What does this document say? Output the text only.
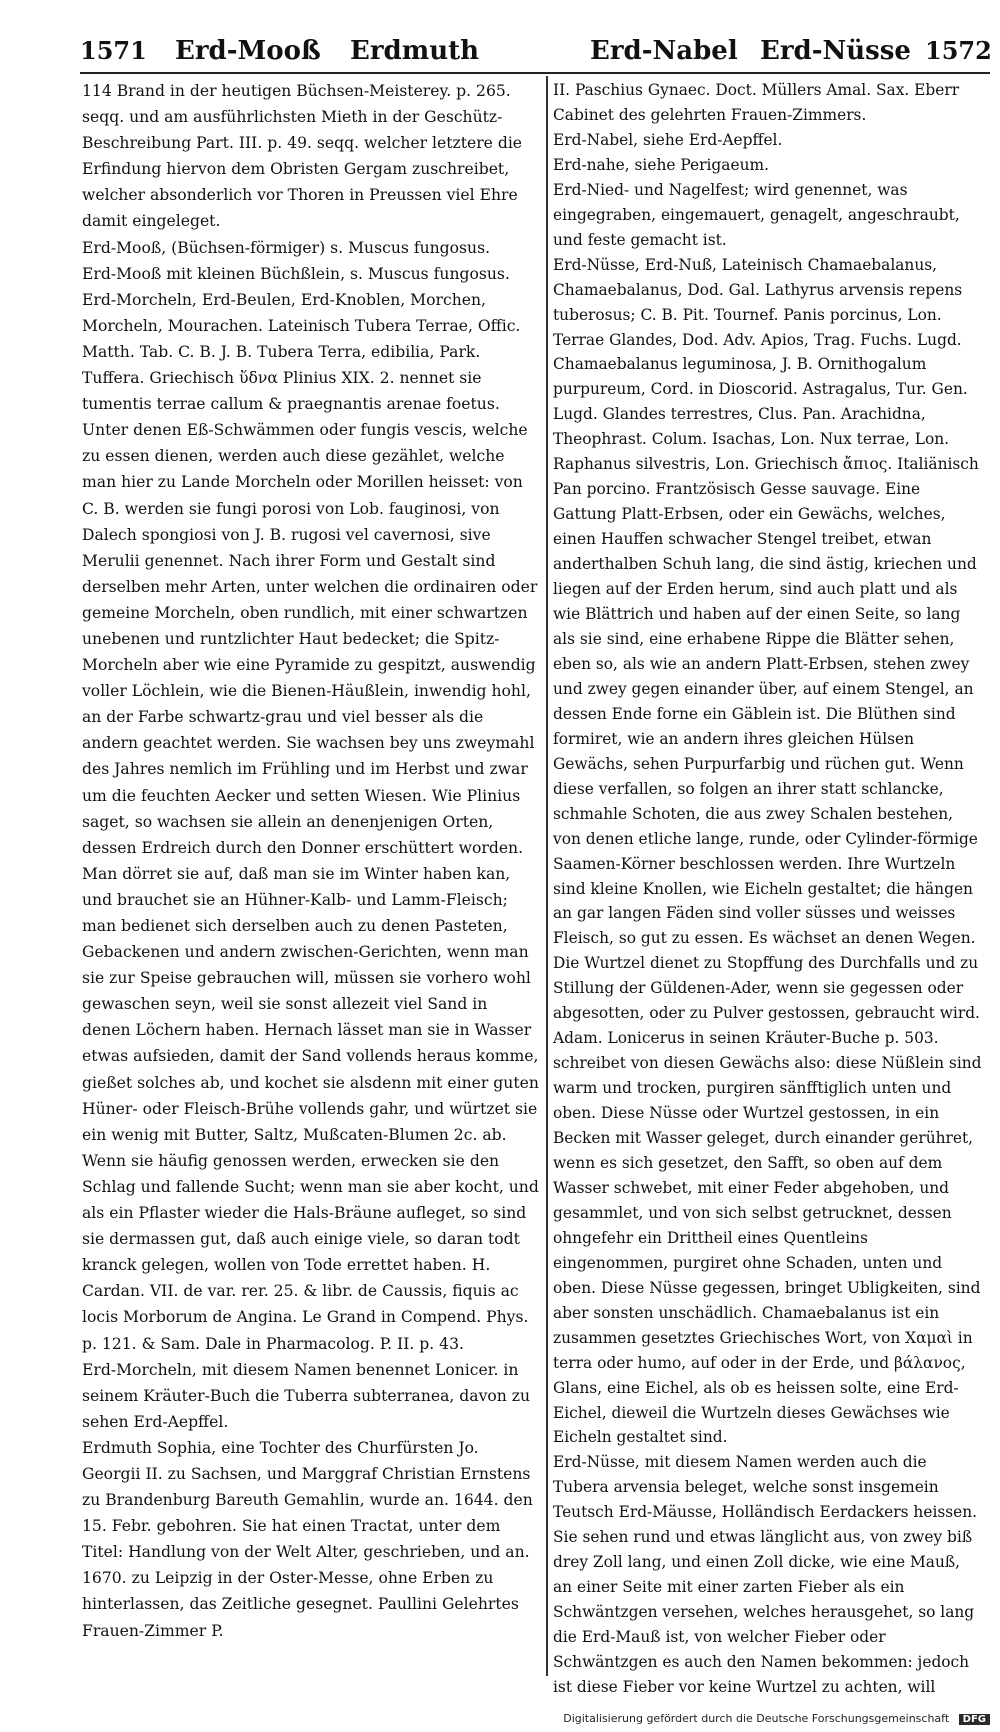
1571 Erd-Mooß Erdmuth	Erd-Nabel Erd-Nüsse 1572

114 Brand in der heutigen Büchsen-Meisterey. p. 265. seqq. und am ausführlichsten Mieth in der Geschütz-Beschreibung Part. III. p. 49. seqq. welcher letztere die Erfindung hiervon dem Obristen Gergam zuschreibet, welcher absonderlich vor Thoren in Preussen viel Ehre damit eingeleget.

Erd-Mooß, (Büchsen-förmiger) s. Muscus fungosus.

Erd-Mooß mit kleinen Büchßlein, s. Muscus fungosus.

Erd-Morcheln, Erd-Beulen, Erd-Knoblen, Morchen, Morcheln, Mourachen. Lateinisch Tubera Terrae, Offic. Matth. Tab. C. B. J. B. Tubera Terra, edibilia, Park. Tuffera. Griechisch ὕδνα Plinius XIX. 2. nennet sie tumentis terrae callum & praegnantis arenae foetus. Unter denen Eß-Schwämmen oder fungis vescis, welche zu essen dienen, werden auch diese gezählet, welche man hier zu Lande Morcheln oder Morillen heisset: von C. B. werden sie fungi porosi von Lob. fauginosi, von Dalech spongiosi von J. B. rugosi vel cavernosi, sive Merulii genennet. Nach ihrer Form und Gestalt sind derselben mehr Arten, unter welchen die ordinairen oder gemeine Morcheln, oben rundlich, mit einer schwartzen unebenen und runtzlichter Haut bedecket; die Spitz-Morcheln aber wie eine Pyramide zu gespitzt, auswendig voller Löchlein, wie die Bienen-Häußlein, inwendig hohl, an der Farbe schwartz-grau und viel besser als die andern geachtet werden. Sie wachsen bey uns zweymahl des Jahres nemlich im Frühling und im Herbst und zwar um die feuchten Aecker und setten Wiesen. Wie Plinius saget, so wachsen sie allein an denenjenigen Orten, dessen Erdreich durch den Donner erschüttert worden. Man dörret sie auf, daß man sie im Winter haben kan, und brauchet sie an Hühner-Kalb- und Lamm-Fleisch; man bedienet sich derselben auch zu denen Pasteten, Gebackenen und andern zwischen-Gerichten, wenn man sie zur Speise gebrauchen will, müssen sie vorhero wohl gewaschen seyn, weil sie sonst allezeit viel Sand in denen Löchern haben. Hernach lässet man sie in Wasser etwas aufsieden, damit der Sand vollends heraus komme, gießet solches ab, und kochet sie alsdenn mit einer guten Hüner- oder Fleisch-Brühe vollends gahr, und würtzet sie ein wenig mit Butter, Saltz, Mußcaten-Blumen 2c. ab. Wenn sie häufig genossen werden, erwecken sie den Schlag und fallende Sucht; wenn man sie aber kocht, und als ein Pflaster wieder die Hals-Bräune aufleget, so sind sie dermassen gut, daß auch einige viele, so daran todt kranck gelegen, wollen von Tode errettet haben. H. Cardan. VII. de var. rer. 25. & libr. de Caussis, fiquis ac locis Morborum de Angina. Le Grand in Compend. Phys. p. 121. & Sam. Dale in Pharmacolog. P. II. p. 43.

Erd-Morcheln, mit diesem Namen benennet Lonicer. in seinem Kräuter-Buch die Tuberra subterranea, davon zu sehen Erd-Aepffel.

Erdmuth Sophia, eine Tochter des Churfürsten Jo. Georgii II. zu Sachsen, und Marggraf Christian Ernstens zu Brandenburg Bareuth Gemahlin, wurde an. 1644. den 15. Febr. gebohren. Sie hat einen Tractat, unter dem Titel: Handlung von der Welt Alter, geschrieben, und an. 1670. zu Leipzig in der Oster-Messe, ohne Erben zu hinterlassen, das Zeitliche gesegnet. Paullini Gelehrtes Frauen-Zimmer P.

II. Paschius Gynaec. Doct. Müllers Amal. Sax. Eberr Cabinet des gelehrten Frauen-Zimmers.

Erd-Nabel, siehe Erd-Aepffel.

Erd-nahe, siehe Perigaeum.

Erd-Nied- und Nagelfest; wird genennet, was eingegraben, eingemauert, genagelt, angeschraubt, und feste gemacht ist.

Erd-Nüsse, Erd-Nuß, Lateinisch Chamaebalanus, Chamaebalanus, Dod. Gal. Lathyrus arvensis repens tuberosus; C. B. Pit. Tournef. Panis porcinus, Lon. Terrae Glandes, Dod. Adv. Apios, Trag. Fuchs. Lugd. Chamaebalanus leguminosa, J. B. Ornithogalum purpureum, Cord. in Dioscorid. Astragalus, Tur. Gen. Lugd. Glandes terrestres, Clus. Pan. Arachidna, Theophrast. Colum. Isachas, Lon. Nux terrae, Lon. Raphanus silvestris, Lon. Griechisch ἄπιος. Italiänisch Pan porcino. Frantzösisch Gesse sauvage. Eine Gattung Platt-Erbsen, oder ein Gewächs, welches, einen Hauffen schwacher Stengel treibet, etwan anderthalben Schuh lang, die sind ästig, kriechen und liegen auf der Erden herum, sind auch platt und als wie Blättrich und haben auf der einen Seite, so lang als sie sind, eine erhabene Rippe die Blätter sehen, eben so, als wie an andern Platt-Erbsen, stehen zwey und zwey gegen einander über, auf einem Stengel, an dessen Ende forne ein Gäblein ist. Die Blüthen sind formiret, wie an andern ihres gleichen Hülsen Gewächs, sehen Purpurfarbig und rüchen gut. Wenn diese verfallen, so folgen an ihrer statt schlancke, schmahle Schoten, die aus zwey Schalen bestehen, von denen etliche lange, runde, oder Cylinder-förmige Saamen-Körner beschlossen werden. Ihre Wurtzeln sind kleine Knollen, wie Eicheln gestaltet; die hängen an gar langen Fäden sind voller süsses und weisses Fleisch, so gut zu essen. Es wächset an denen Wegen. Die Wurtzel dienet zu Stopffung des Durchfalls und zu Stillung der Güldenen-Ader, wenn sie gegessen oder abgesotten, oder zu Pulver gestossen, gebraucht wird. Adam. Lonicerus in seinen Kräuter-Buche p. 503. schreibet von diesen Gewächs also: diese Nüßlein sind warm und trocken, purgiren sänfftiglich unten und oben. Diese Nüsse oder Wurtzel gestossen, in ein Becken mit Wasser geleget, durch einander gerühret, wenn es sich gesetzet, den Safft, so oben auf dem Wasser schwebet, mit einer Feder abgehoben, und gesammlet, und von sich selbst getrucknet, dessen ohngefehr ein Drittheil eines Quentleins eingenommen, purgiret ohne Schaden, unten und oben. Diese Nüsse gegessen, bringet Ubligkeiten, sind aber sonsten unschädlich. Chamaebalanus ist ein zusammen gesetztes Griechisches Wort, von Χαμαὶ in terra oder humo, auf oder in der Erde, und βάλανος, Glans, eine Eichel, als ob es heissen solte, eine Erd-Eichel, dieweil die Wurtzeln dieses Gewächses wie Eicheln gestaltet sind.

Erd-Nüsse, mit diesem Namen werden auch die Tubera arvensia beleget, welche sonst insgemein Teutsch Erd-Mäusse, Holländisch Eerdackers heissen. Sie sehen rund und etwas länglicht aus, von zwey biß drey Zoll lang, und einen Zoll dicke, wie eine Mauß, an einer Seite mit einer zarten Fieber als ein Schwäntzgen versehen, welches herausgehet, so lang die Erd-Mauß ist, von welcher Fieber oder Schwäntzgen es auch den Namen bekommen: jedoch ist diese Fieber vor keine Wurtzel zu achten, will

Digitalisierung gefördert durch die Deutsche Forschungsgemeinschaft DFG
